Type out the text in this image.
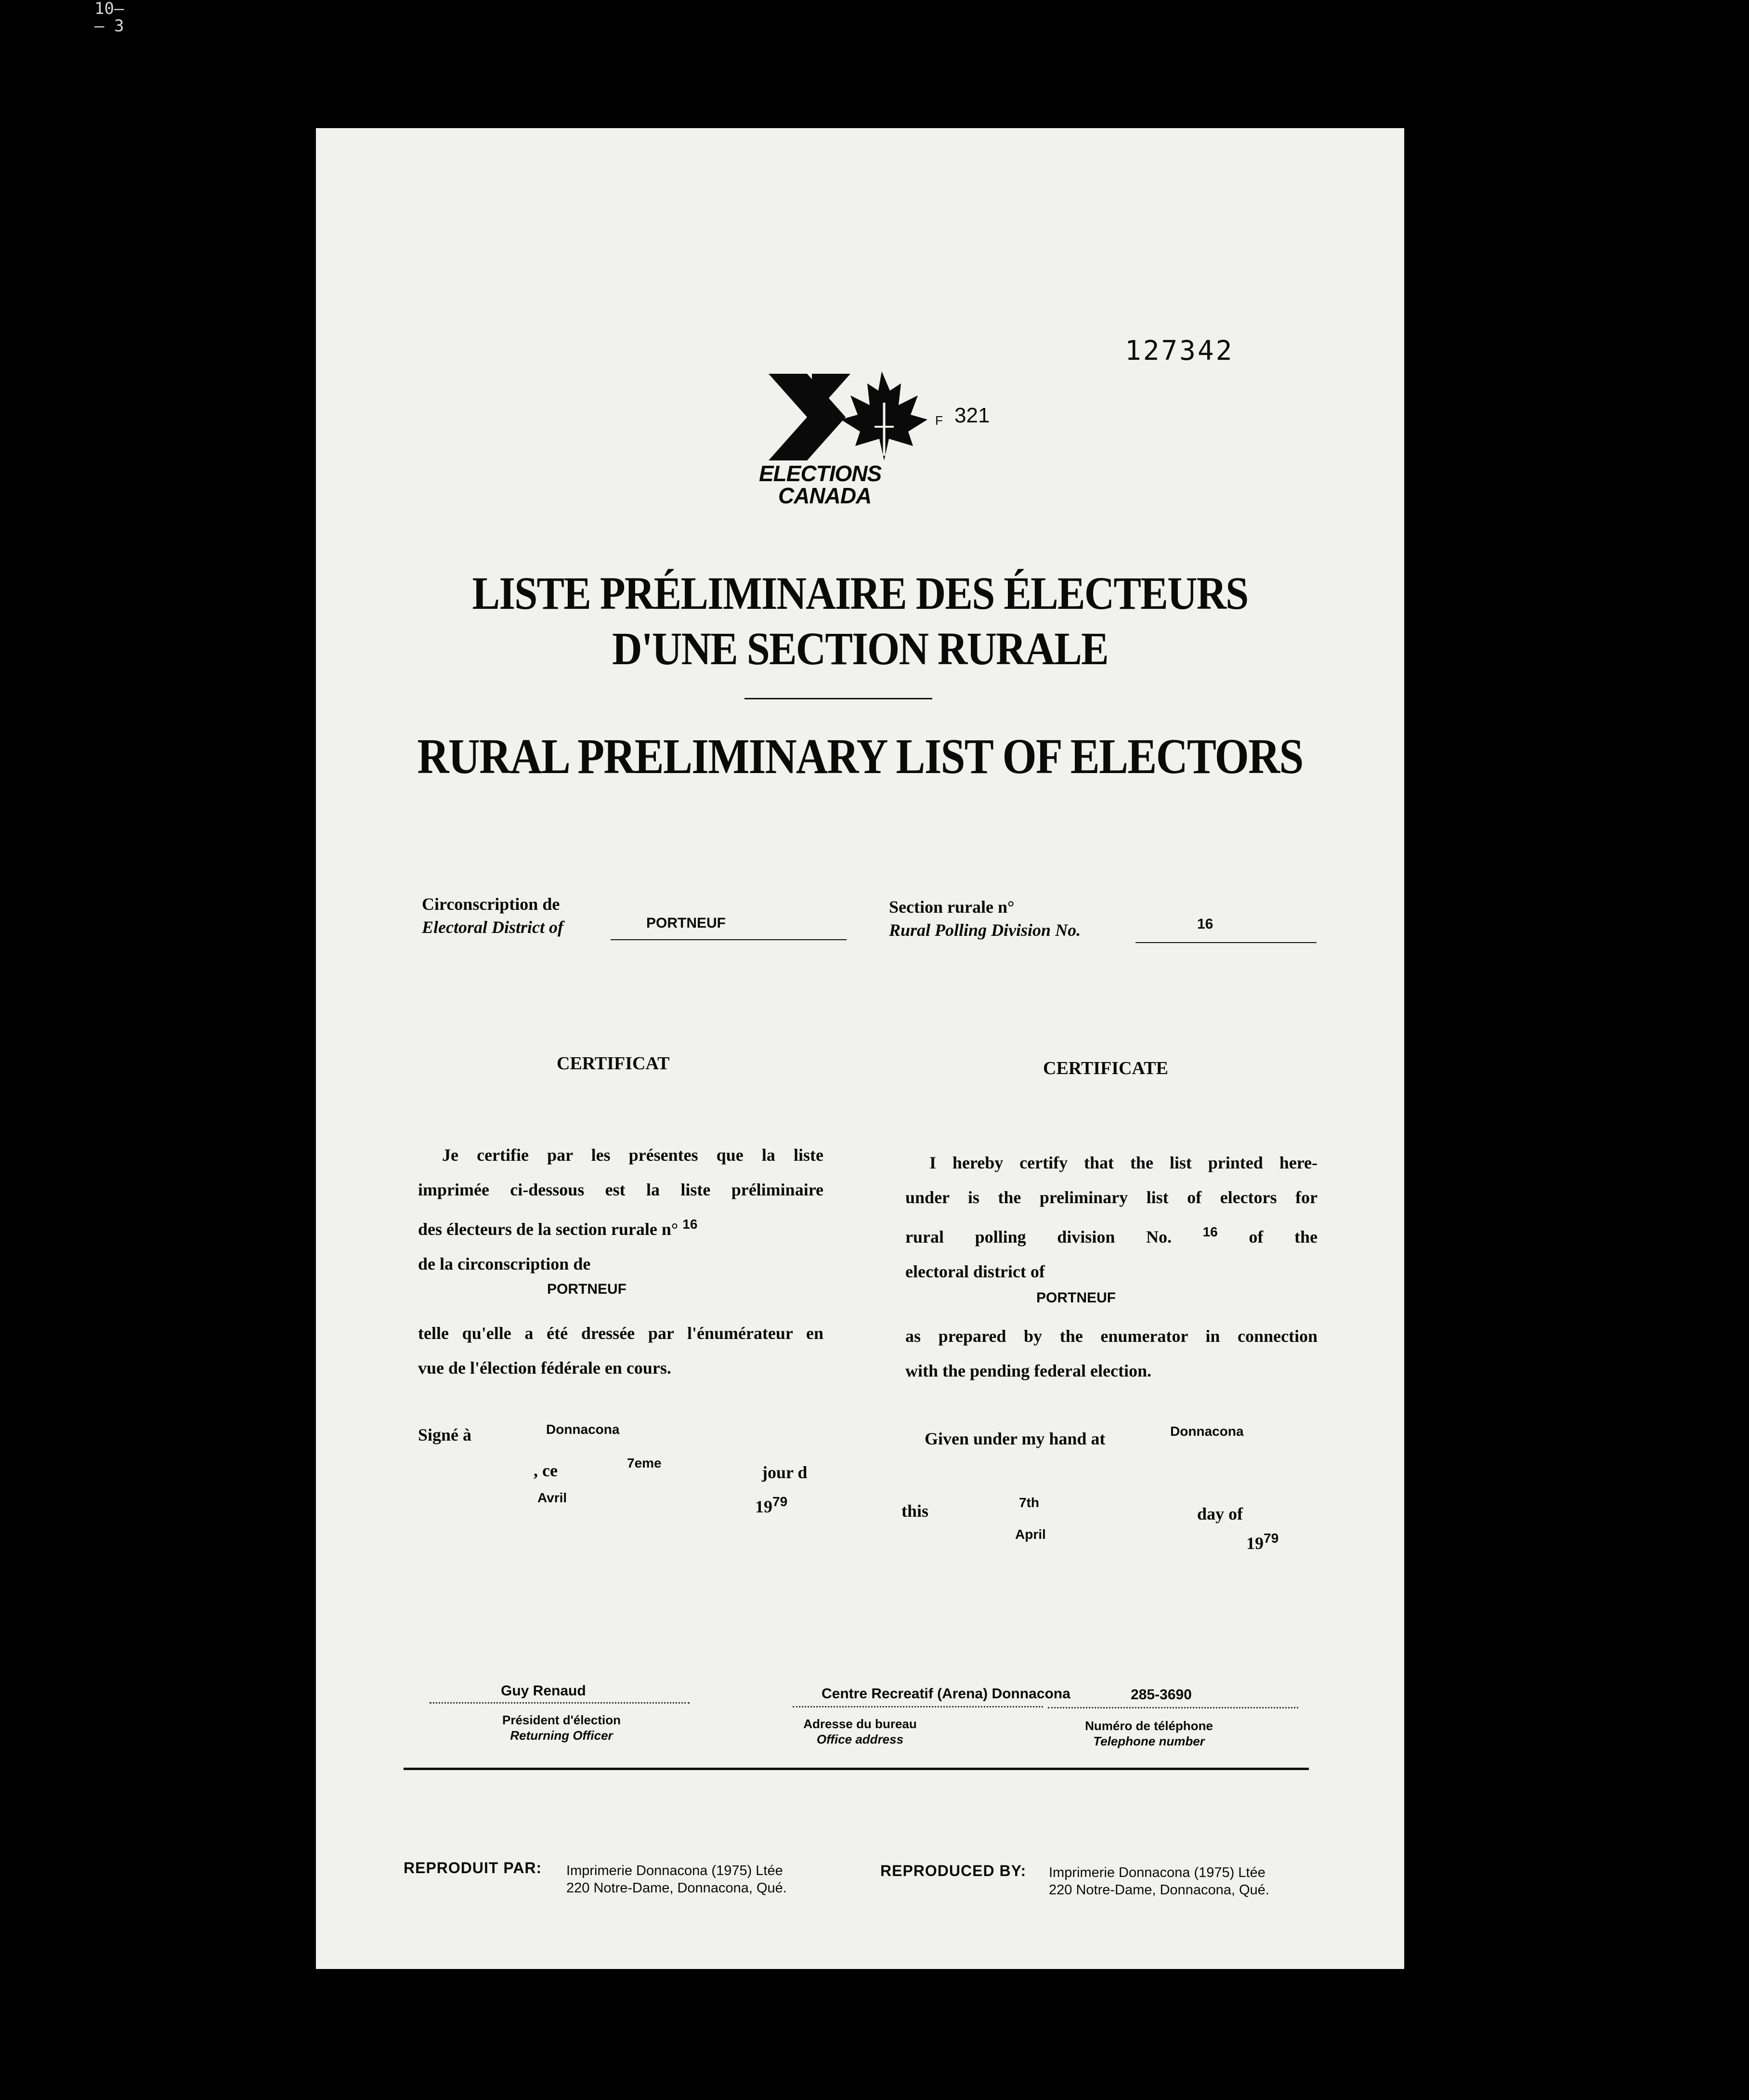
10—
— 3
127342
ELECTIONS
CANADA
F 321
LISTE PRÉLIMINAIRE DES ÉLECTEURS
D'UNE SECTION RURALE
RURAL PRELIMINARY LIST OF ELECTORS
Circonscription de
Electoral District of	PORTNEUF
Section rurale n°
Rural Polling Division No.	16
CERTIFICAT
Je certifie par les présentes que la liste
imprimée ci-dessous est la liste préliminaire
des électeurs de la section rurale n° $^{16}$
de la circonscription de
PORTNEUF
telle qu'elle a été dressée par l'énumérateur en
vue de l'élection fédérale en cours.
Signé à	Donnacona
, ce	7eme	jour d
Avril	$19^{79}$
CERTIFICATE
I hereby certify that the list printed here-
under is the preliminary list of electors for
rural polling division No. $^{16}$ of the
electoral district of
PORTNEUF
as prepared by the enumerator in connection
with the pending federal election.
Given under my hand at	Donnacona
this	7th
day of
April	$19^{79}$
Guy Renaud
Président d'élection
Returning Officer
Centre Recreatif (Arena) Donnacona
Adresse du bureau
Office address
285-3690
Numéro de téléphone
Telephone number
REPRODUIT PAR: Imprimerie Donnacona (1975) Ltée
220 Notre-Dame, Donnacona, Qué.
REPRODUCED BY: Imprimerie Donnacona (1975) Ltée
220 Notre-Dame, Donnacona, Qué.
